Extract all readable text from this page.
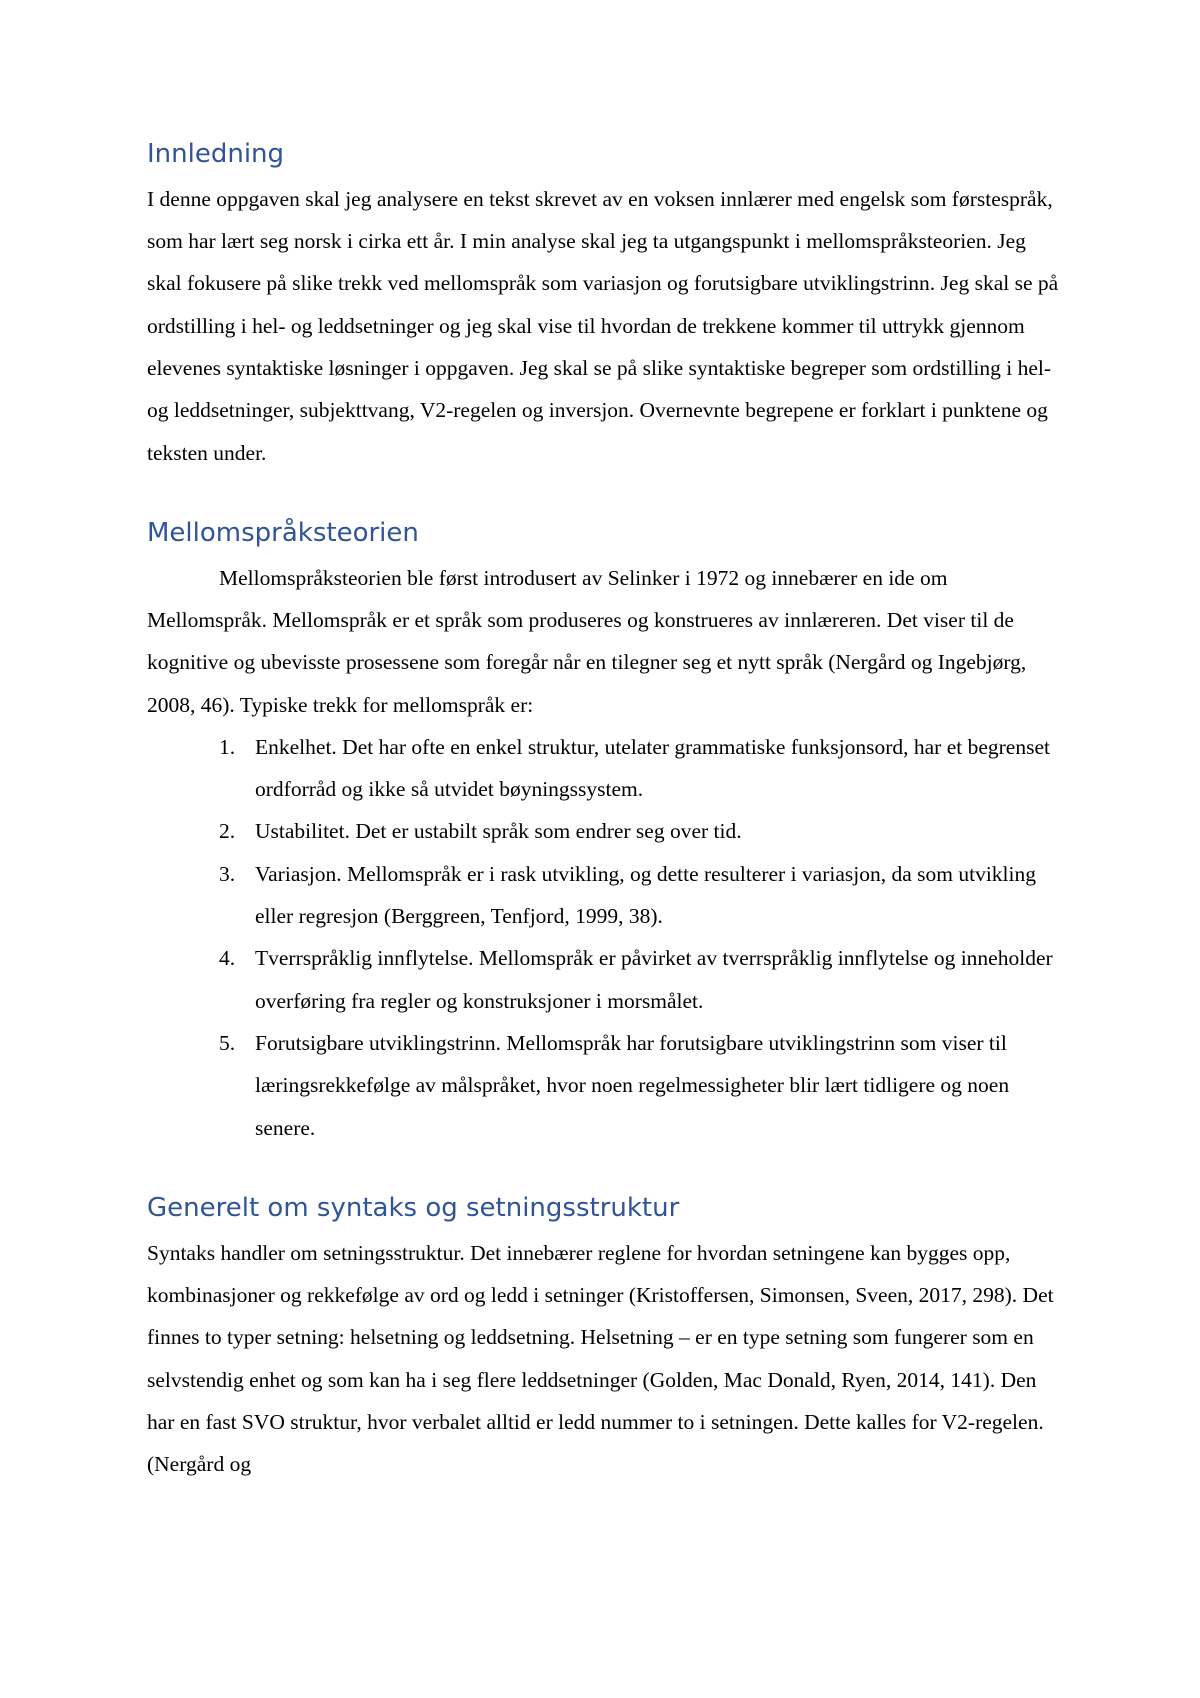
Innledning

I denne oppgaven skal jeg analysere en tekst skrevet av en voksen innlærer med engelsk som førstespråk, som har lært seg norsk i cirka ett år. I min analyse skal jeg ta utgangspunkt i mellomspråksteorien. Jeg skal fokusere på slike trekk ved mellomspråk som variasjon og forutsigbare utviklingstrinn. Jeg skal se på ordstilling i hel- og leddsetninger og jeg skal vise til hvordan de trekkene kommer til uttrykk gjennom elevenes syntaktiske løsninger i oppgaven. Jeg skal se på slike syntaktiske begreper som ordstilling i hel- og leddsetninger, subjekttvang, V2-regelen og inversjon. Overnevnte begrepene er forklart i punktene og teksten under.

Mellomspråksteorien

Mellomspråksteorien ble først introdusert av Selinker i 1972 og innebærer en ide om Mellomspråk. Mellomspråk er et språk som produseres og konstrueres av innlæreren. Det viser til de kognitive og ubevisste prosessene som foregår når en tilegner seg et nytt språk (Nergård og Ingebjørg, 2008, 46). Typiske trekk for mellomspråk er:

1. Enkelhet. Det har ofte en enkel struktur, utelater grammatiske funksjonsord, har et begrenset ordforråd og ikke så utvidet bøyningssystem.
2. Ustabilitet. Det er ustabilt språk som endrer seg over tid.
3. Variasjon. Mellomspråk er i rask utvikling, og dette resulterer i variasjon, da som utvikling eller regresjon (Berggreen, Tenfjord, 1999, 38).
4. Tverrspråklig innflytelse. Mellomspråk er påvirket av tverrspråklig innflytelse og inneholder overføring fra regler og konstruksjoner i morsmålet.
5. Forutsigbare utviklingstrinn. Mellomspråk har forutsigbare utviklingstrinn som viser til læringsrekkefølge av målspråket, hvor noen regelmessigheter blir lært tidligere og noen senere.
Generelt om syntaks og setningsstruktur

Syntaks handler om setningsstruktur. Det innebærer reglene for hvordan setningene kan bygges opp, kombinasjoner og rekkefølge av ord og ledd i setninger (Kristoffersen, Simonsen, Sveen, 2017, 298). Det finnes to typer setning: helsetning og leddsetning. Helsetning – er en type setning som fungerer som en selvstendig enhet og som kan ha i seg flere leddsetninger (Golden, Mac Donald, Ryen, 2014, 141). Den har en fast SVO struktur, hvor verbalet alltid er ledd nummer to i setningen. Dette kalles for V2-regelen. (Nergård og
